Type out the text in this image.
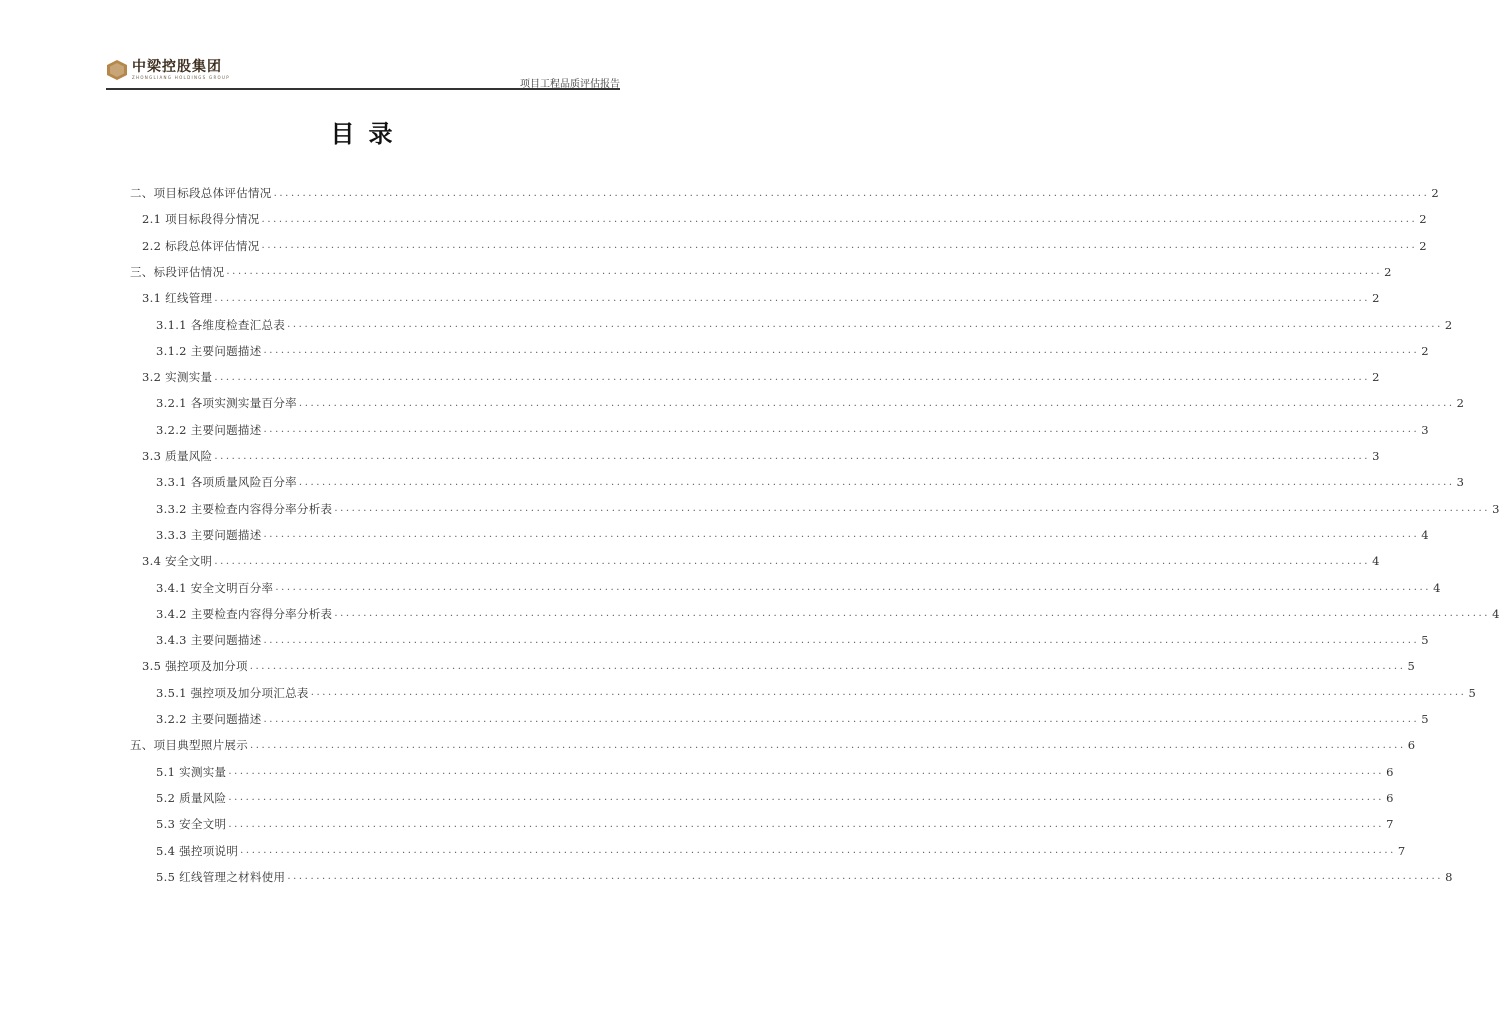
中梁控股集团
ZHONGLIANG HOLDINGS GROUP
项目工程品质评估报告
目录
二、项目标段总体评估情况 ........................................................................................................................................................................................................ 2
2.1 项目标段得分情况 ........................................................................................................................................................................................................ 2
2.2 标段总体评估情况 ........................................................................................................................................................................................................ 2
三、标段评估情况 ........................................................................................................................................................................................................ 2
3.1 红线管理 ........................................................................................................................................................................................................ 2
3.1.1 各维度检查汇总表 ........................................................................................................................................................................................................ 2
3.1.2 主要问题描述 ........................................................................................................................................................................................................ 2
3.2 实测实量 ........................................................................................................................................................................................................ 2
3.2.1 各项实测实量百分率 ........................................................................................................................................................................................................ 2
3.2.2 主要问题描述 ........................................................................................................................................................................................................ 3
3.3 质量风险 ........................................................................................................................................................................................................ 3
3.3.1 各项质量风险百分率 ........................................................................................................................................................................................................ 3
3.3.2 主要检查内容得分率分析表 ........................................................................................................................................................................................................ 3
3.3.3 主要问题描述 ........................................................................................................................................................................................................ 4
3.4 安全文明 ........................................................................................................................................................................................................ 4
3.4.1 安全文明百分率 ........................................................................................................................................................................................................ 4
3.4.2 主要检查内容得分率分析表 ........................................................................................................................................................................................................ 4
3.4.3 主要问题描述 ........................................................................................................................................................................................................ 5
3.5 强控项及加分项 ........................................................................................................................................................................................................ 5
3.5.1 强控项及加分项汇总表 ........................................................................................................................................................................................................ 5
3.2.2 主要问题描述 ........................................................................................................................................................................................................ 5
五、项目典型照片展示 ........................................................................................................................................................................................................ 6
5.1 实测实量 ........................................................................................................................................................................................................ 6
5.2 质量风险 ........................................................................................................................................................................................................ 6
5.3 安全文明 ........................................................................................................................................................................................................ 7
5.4 强控项说明 ........................................................................................................................................................................................................ 7
5.5 红线管理之材料使用 ........................................................................................................................................................................................................ 8
